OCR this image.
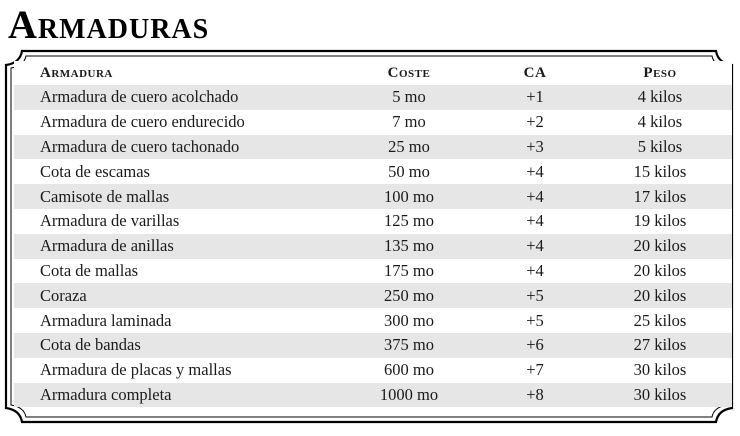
Armaduras
Armadura	Coste	CA	Peso
Armadura de cuero acolchado	5 mo	+1	4 kilos
Armadura de cuero endurecido	7 mo	+2	4 kilos
Armadura de cuero tachonado	25 mo	+3	5 kilos
Cota de escamas	50 mo	+4	15 kilos
Camisote de mallas	100 mo	+4	17 kilos
Armadura de varillas	125 mo	+4	19 kilos
Armadura de anillas	135 mo	+4	20 kilos
Cota de mallas	175 mo	+4	20 kilos
Coraza	250 mo	+5	20 kilos
Armadura laminada	300 mo	+5	25 kilos
Cota de bandas	375 mo	+6	27 kilos
Armadura de placas y mallas	600 mo	+7	30 kilos
Armadura completa	1000 mo	+8	30 kilos
